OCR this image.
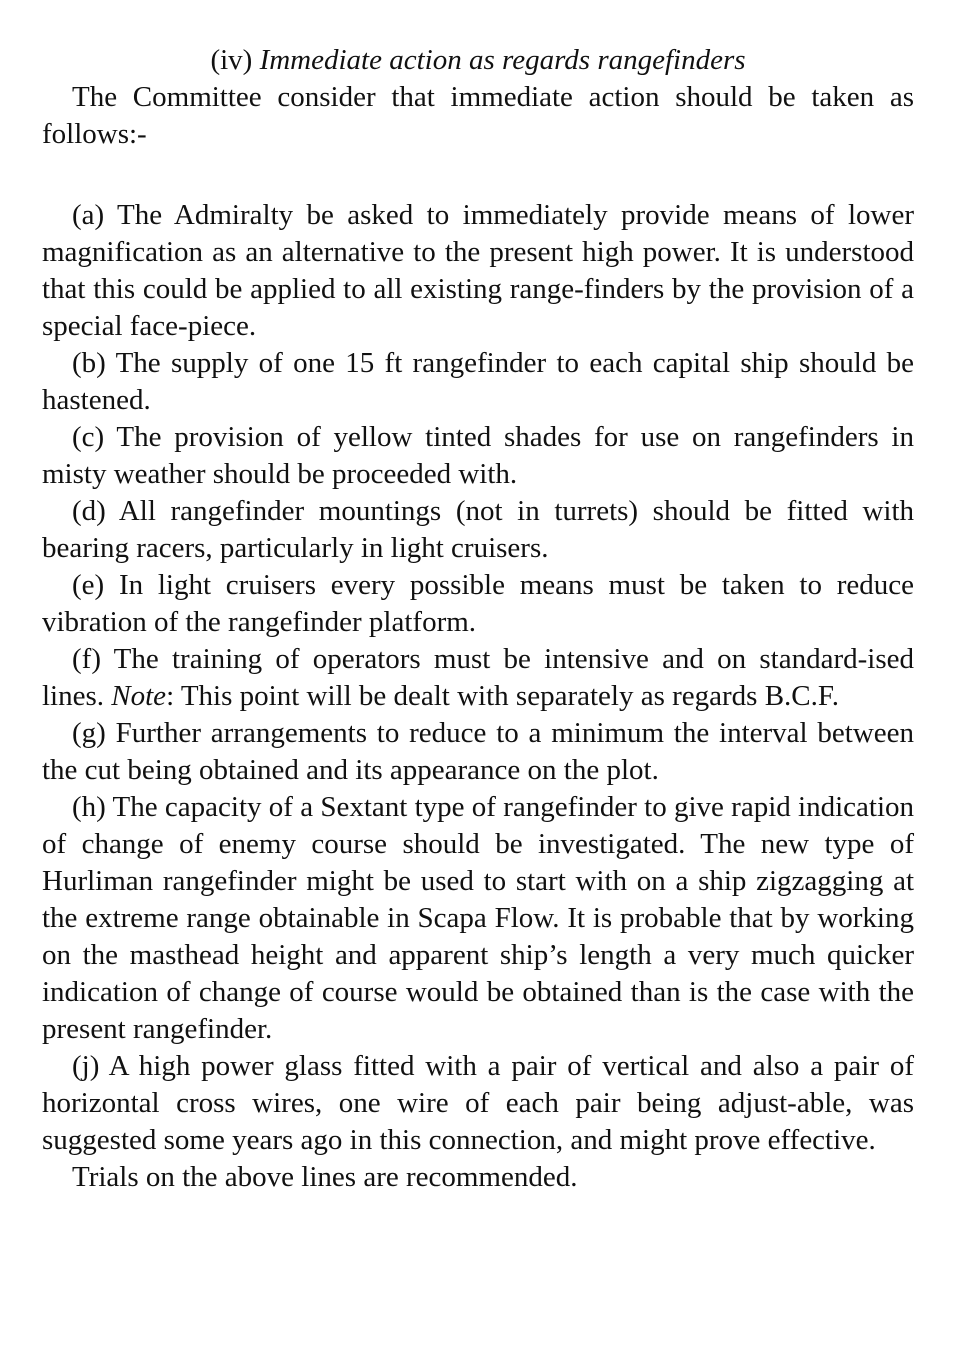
(iv) Immediate action as regards rangefinders

The Committee consider that immediate action should be taken as follows:-

(a) The Admiralty be asked to immediately provide means of lower magnification as an alternative to the present high power. It is understood that this could be applied to all existing range-finders by the provision of a special face-piece.

(b) The supply of one 15 ft rangefinder to each capital ship should be hastened.

(c) The provision of yellow tinted shades for use on rangefinders in misty weather should be proceeded with.

(d) All rangefinder mountings (not in turrets) should be fitted with bearing racers, particularly in light cruisers.

(e) In light cruisers every possible means must be taken to reduce vibration of the rangefinder platform.

(f) The training of operators must be intensive and on standard-ised lines. Note: This point will be dealt with separately as regards B.C.F.

(g) Further arrangements to reduce to a minimum the interval between the cut being obtained and its appearance on the plot.

(h) The capacity of a Sextant type of rangefinder to give rapid indication of change of enemy course should be investigated. The new type of Hurliman rangefinder might be used to start with on a ship zigzagging at the extreme range obtainable in Scapa Flow. It is probable that by working on the masthead height and apparent ship’s length a very much quicker indication of change of course would be obtained than is the case with the present rangefinder.

(j) A high power glass fitted with a pair of vertical and also a pair of horizontal cross wires, one wire of each pair being adjust-able, was suggested some years ago in this connection, and might prove effective.

Trials on the above lines are recommended.
